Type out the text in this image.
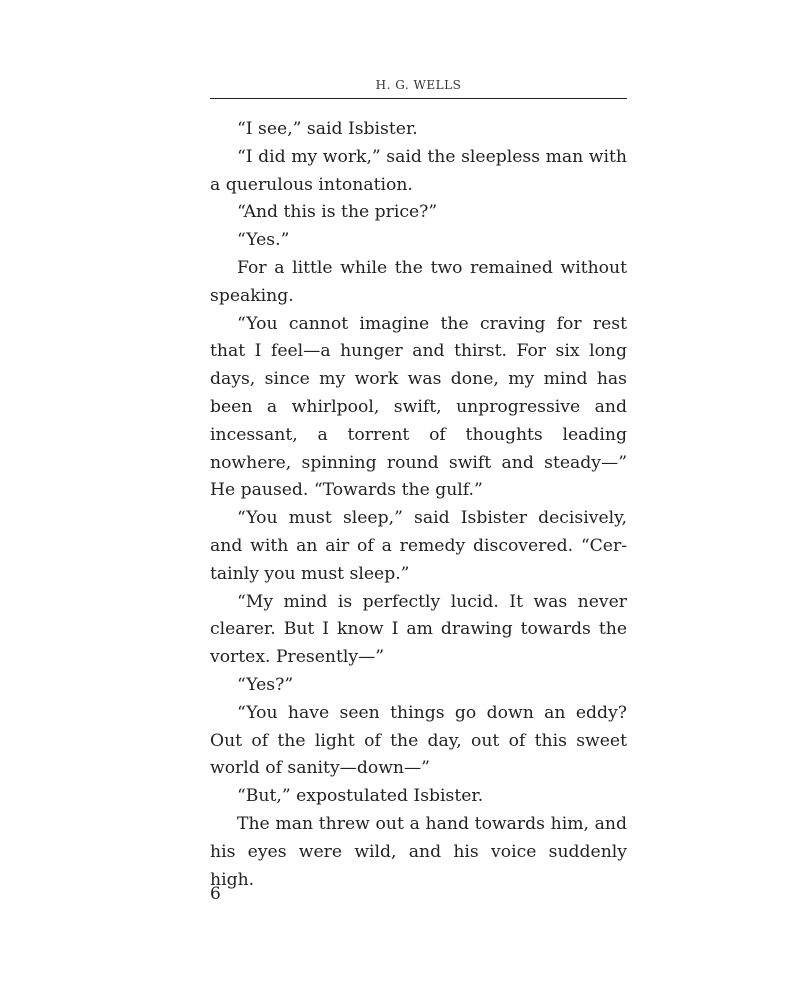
H. G. WELLS

“I see,” said Isbister.

“I did my work,” said the sleepless man with a querulous intonation.

“And this is the price?”

“Yes.”

For a little while the two remained without speaking.

“You cannot imagine the craving for rest that I feel—a hunger and thirst. For six long days, since my work was done, my mind has been a whirlpool, swift, unprogressive and incessant, a torrent of thoughts leading nowhere, spinning round swift and steady—” He paused. “Towards the gulf.”

“You must sleep,” said Isbister decisively, and with an air of a remedy discovered. “Certainly you must sleep.”

“My mind is perfectly lucid. It was never clearer. But I know I am drawing towards the vortex. Presently—”

“Yes?”

“You have seen things go down an eddy? Out of the light of the day, out of this sweet world of sanity—down—”

“But,” expostulated Isbister.

The man threw out a hand towards him, and his eyes were wild, and his voice suddenly high.

6
